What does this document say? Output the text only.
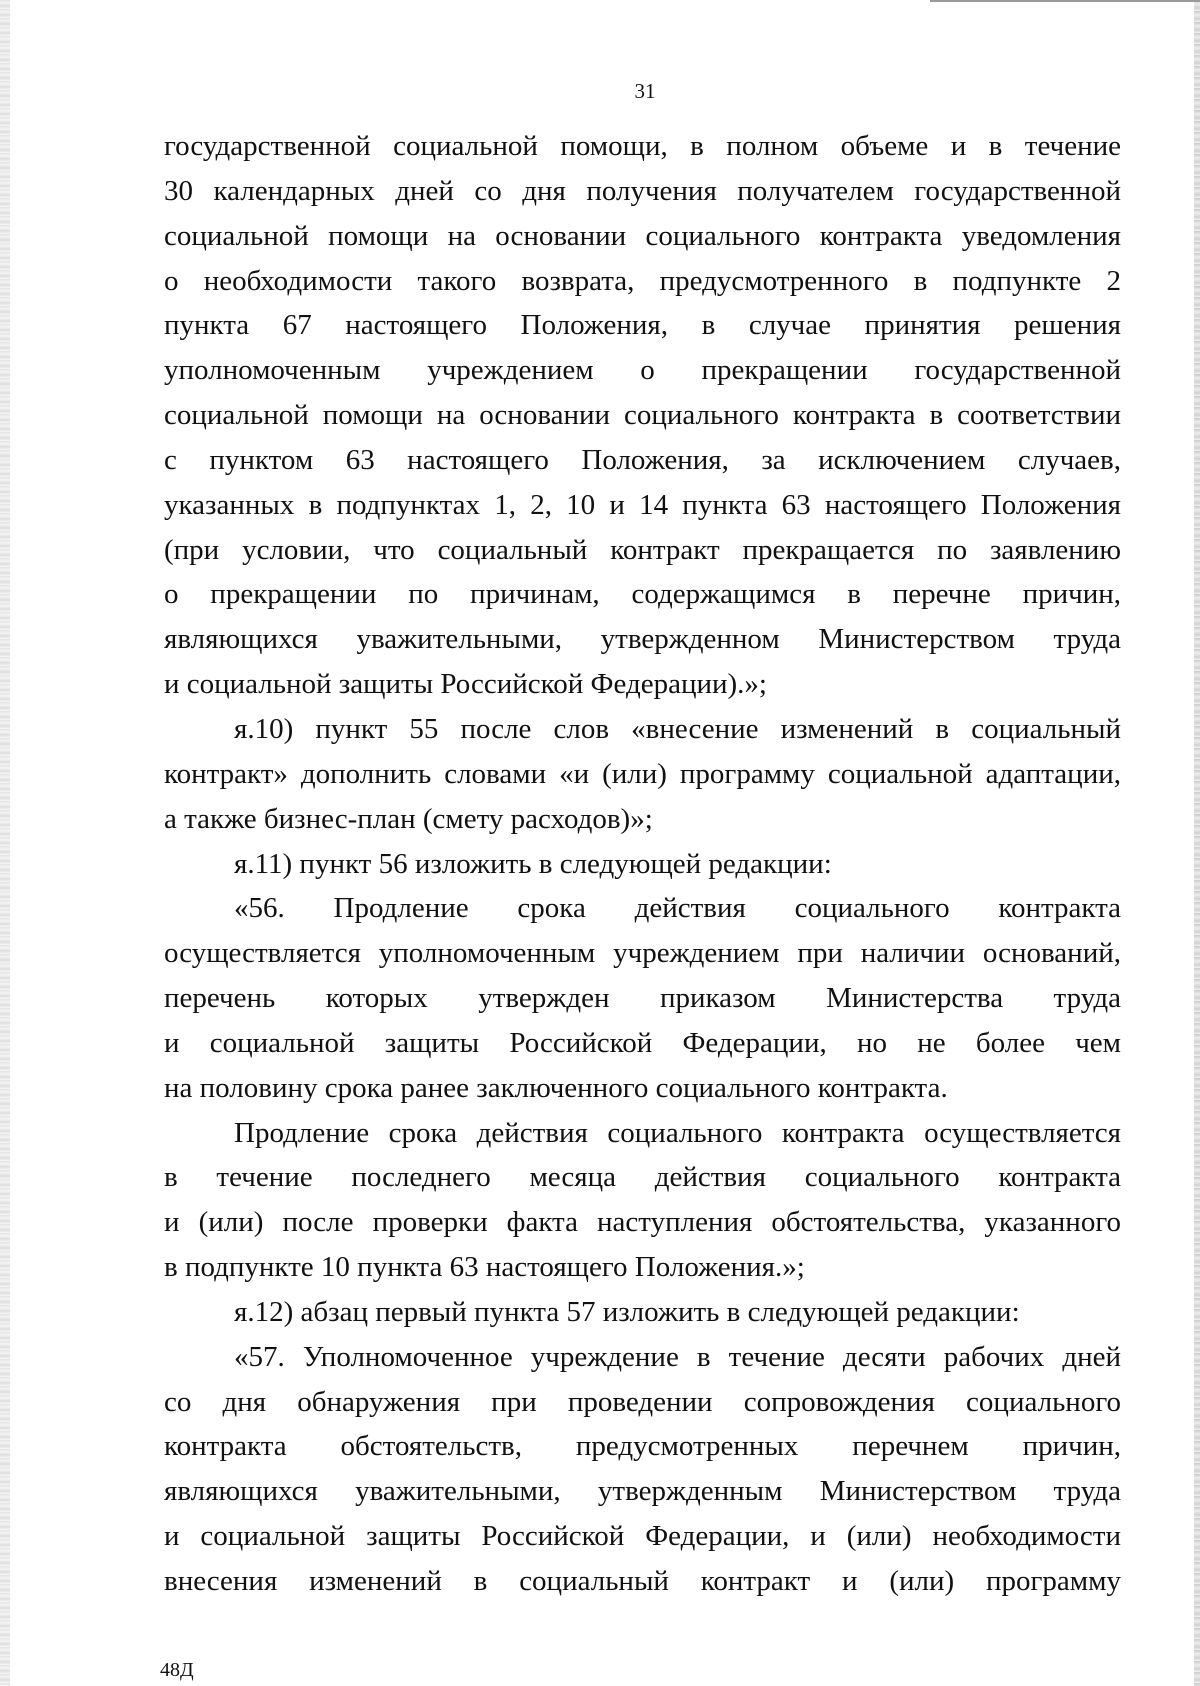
31

государственной социальной помощи, в полном объеме и в течение

30 календарных дней со дня получения получателем государственной

социальной помощи на основании социального контракта уведомления

о необходимости такого возврата, предусмотренного в подпункте 2

пункта 67 настоящего Положения, в случае принятия решения

уполномоченным учреждением о прекращении государственной

социальной помощи на основании социального контракта в соответствии

с пунктом 63 настоящего Положения, за исключением случаев,

указанных в подпунктах 1, 2, 10 и 14 пункта 63 настоящего Положения

(при условии, что социальный контракт прекращается по заявлению

о прекращении по причинам, содержащимся в перечне причин,

являющихся уважительными, утвержденном Министерством труда

и социальной защиты Российской Федерации).»;

я.10) пункт 55 после слов «внесение изменений в социальный

контракт» дополнить словами «и (или) программу социальной адаптации,

а также бизнес-план (смету расходов)»;

я.11) пункт 56 изложить в следующей редакции:

«56. Продление срока действия социального контракта

осуществляется уполномоченным учреждением при наличии оснований,

перечень которых утвержден приказом Министерства труда

и социальной защиты Российской Федерации, но не более чем

на половину срока ранее заключенного социального контракта.

Продление срока действия социального контракта осуществляется

в течение последнего месяца действия социального контракта

и (или) после проверки факта наступления обстоятельства, указанного

в подпункте 10 пункта 63 настоящего Положения.»;

я.12) абзац первый пункта 57 изложить в следующей редакции:

«57. Уполномоченное учреждение в течение десяти рабочих дней

со дня обнаружения при проведении сопровождения социального

контракта обстоятельств, предусмотренных перечнем причин,

являющихся уважительными, утвержденным Министерством труда

и социальной защиты Российской Федерации, и (или) необходимости

внесения изменений в социальный контракт и (или) программу

48Д
